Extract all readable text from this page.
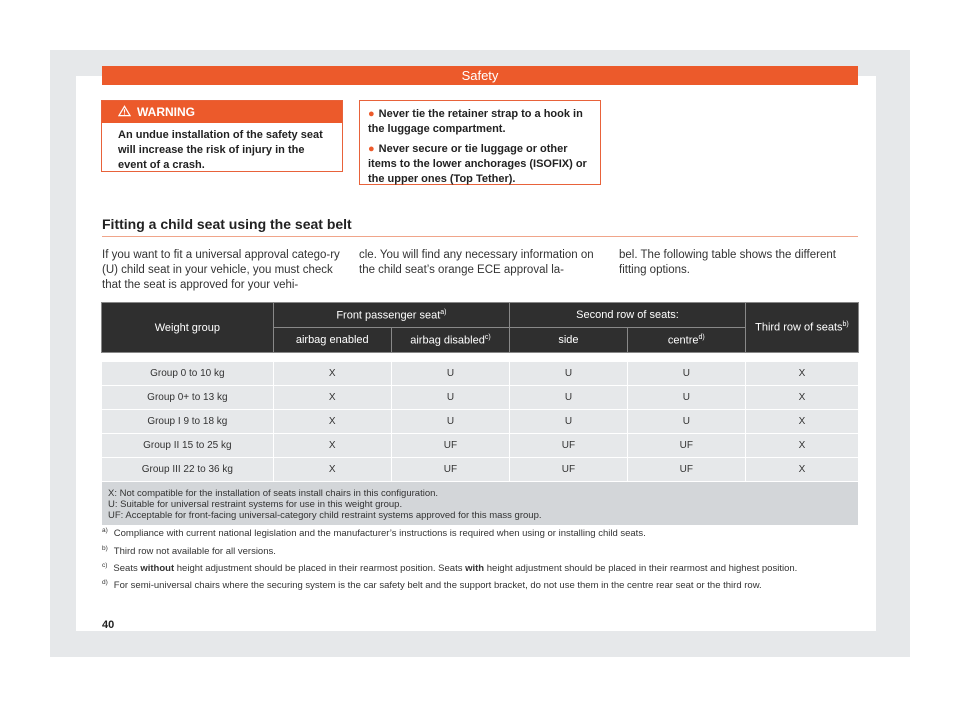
Safety
WARNING
An undue installation of the safety seat will increase the risk of injury in the event of a crash.
● Never tie the retainer strap to a hook in the luggage compartment.
● Never secure or tie luggage or other items to the lower anchorages (ISOFIX) or the upper ones (Top Tether).
Fitting a child seat using the seat belt
If you want to fit a universal approval catego-ry (U) child seat in your vehicle, you must check that the seat is approved for your vehi-
cle. You will find any necessary information on the child seat’s orange ECE approval la-
bel. The following table shows the different fitting options.
Weight group	Front passenger seat$^{a)}$		Second row of seats:		Third row of seats$^{b)}$
	airbag enabled	airbag disabled$^{c)}$	side	centre$^{d)}$

Group 0 to 10 kg	X	U	U	U	X
Group 0+ to 13 kg	X	U	U	U	X
Group I 9 to 18 kg	X	U	U	U	X
Group II 15 to 25 kg	X	UF	UF	UF	X
Group III 22 to 36 kg	X	UF	UF	UF	X

X: Not compatible for the installation of seats install chairs in this configuration.
U: Suitable for universal restraint systems for use in this weight group.
UF: Acceptable for front-facing universal-category child restraint systems approved for this mass group.					
$^{a)}$ Compliance with current national legislation and the manufacturer’s instructions is required when using or installing child seats.
$^{b)}$ Third row not available for all versions.
$^{c)}$ Seats without height adjustment should be placed in their rearmost position. Seats with height adjustment should be placed in their rearmost and highest position.
$^{d)}$ For semi-universal chairs where the securing system is the car safety belt and the support bracket, do not use them in the centre rear seat or the third row.
40
